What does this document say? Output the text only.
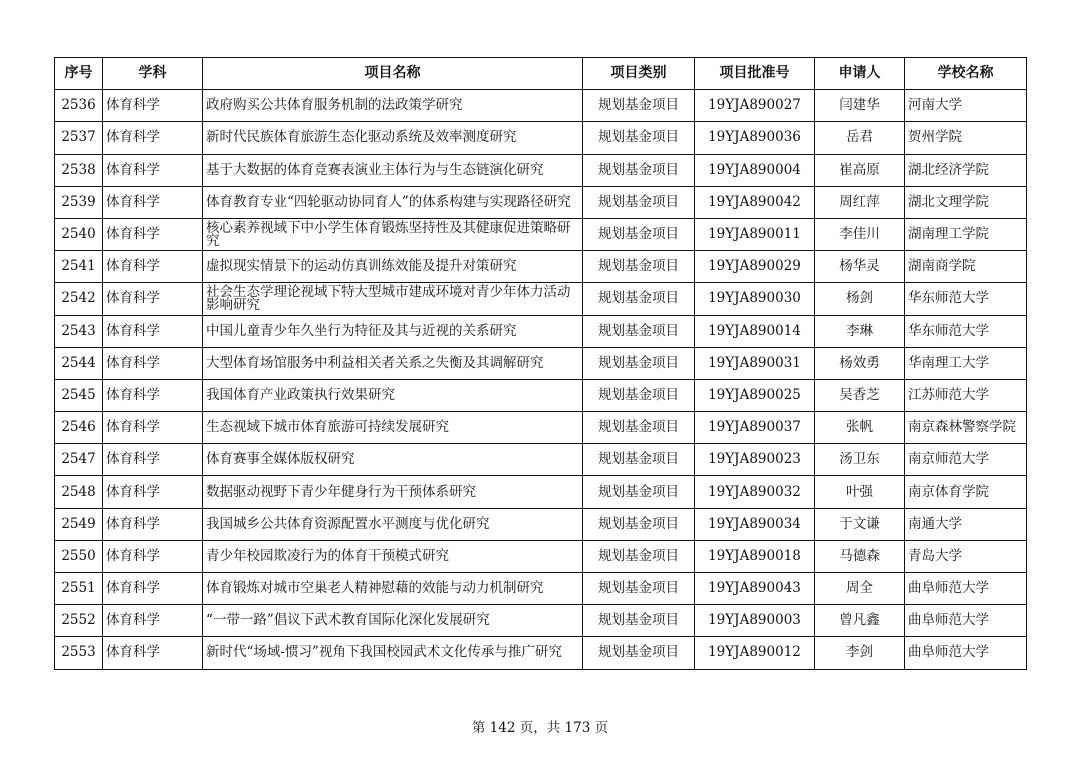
序号	学科	项目名称	项目类别	项目批准号	申请人	学校名称
2536	体育科学	政府购买公共体育服务机制的法政策学研究	规划基金项目	19YJA890027	闫建华	河南大学
2537	体育科学	新时代民族体育旅游生态化驱动系统及效率测度研究	规划基金项目	19YJA890036	岳君	贺州学院
2538	体育科学	基于大数据的体育竞赛表演业主体行为与生态链演化研究	规划基金项目	19YJA890004	崔高原	湖北经济学院
2539	体育科学	体育教育专业“四轮驱动协同育人”的体系构建与实现路径研究	规划基金项目	19YJA890042	周红萍	湖北文理学院
2540	体育科学	核心素养视域下中小学生体育锻炼坚持性及其健康促进策略研究	规划基金项目	19YJA890011	李佳川	湖南理工学院
2541	体育科学	虚拟现实情景下的运动仿真训练效能及提升对策研究	规划基金项目	19YJA890029	杨华灵	湖南商学院
2542	体育科学	社会生态学理论视域下特大型城市建成环境对青少年体力活动影响研究	规划基金项目	19YJA890030	杨剑	华东师范大学
2543	体育科学	中国儿童青少年久坐行为特征及其与近视的关系研究	规划基金项目	19YJA890014	李琳	华东师范大学
2544	体育科学	大型体育场馆服务中利益相关者关系之失衡及其调解研究	规划基金项目	19YJA890031	杨效勇	华南理工大学
2545	体育科学	我国体育产业政策执行效果研究	规划基金项目	19YJA890025	吴香芝	江苏师范大学
2546	体育科学	生态视域下城市体育旅游可持续发展研究	规划基金项目	19YJA890037	张帆	南京森林警察学院
2547	体育科学	体育赛事全媒体版权研究	规划基金项目	19YJA890023	汤卫东	南京师范大学
2548	体育科学	数据驱动视野下青少年健身行为干预体系研究	规划基金项目	19YJA890032	叶强	南京体育学院
2549	体育科学	我国城乡公共体育资源配置水平测度与优化研究	规划基金项目	19YJA890034	于文谦	南通大学
2550	体育科学	青少年校园欺凌行为的体育干预模式研究	规划基金项目	19YJA890018	马德森	青岛大学
2551	体育科学	体育锻炼对城市空巢老人精神慰藉的效能与动力机制研究	规划基金项目	19YJA890043	周全	曲阜师范大学
2552	体育科学	“一带一路”倡议下武术教育国际化深化发展研究	规划基金项目	19YJA890003	曾凡鑫	曲阜师范大学
2553	体育科学	新时代“场域-惯习”视角下我国校园武术文化传承与推广研究	规划基金项目	19YJA890012	李剑	曲阜师范大学
第 142 页，共 173 页
